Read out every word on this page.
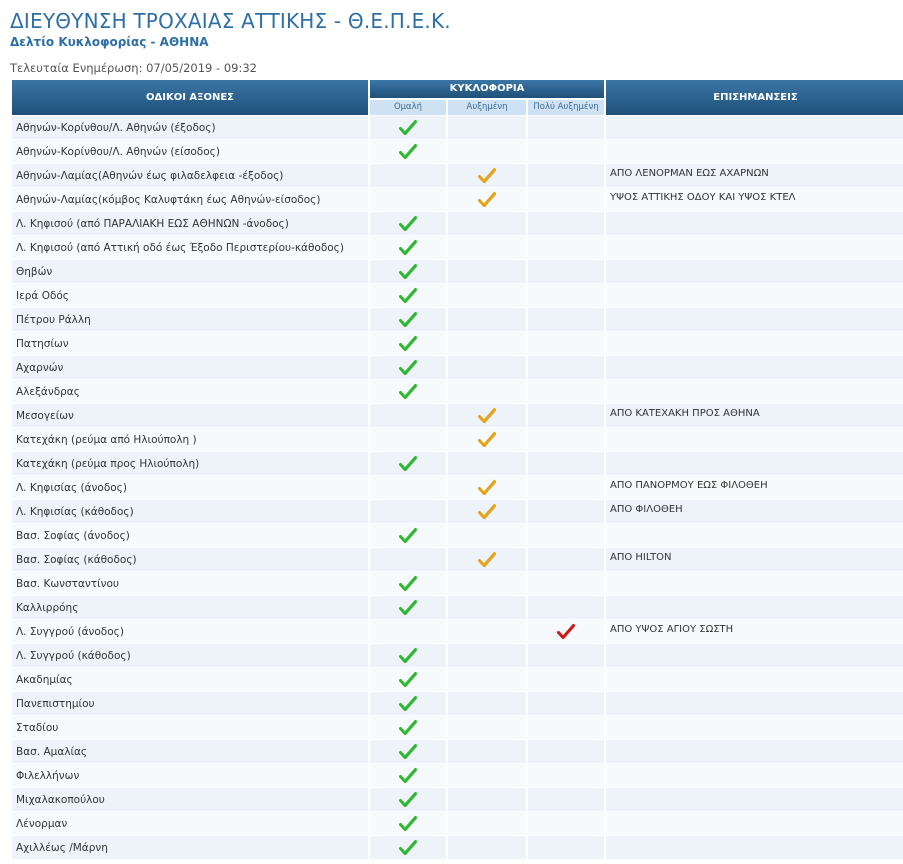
ΔΙΕΥΘΥΝΣΗ ΤΡΟΧΑΙΑΣ ΑΤΤΙΚΗΣ - Θ.Ε.Π.Ε.Κ.
Δελτίο Κυκλοφορίας - ΑΘΗΝΑ
Τελευταία Ενημέρωση: 07/05/2019 - 09:32
ΟΔΙΚΟΙ ΑΞΟΝΕΣ	ΚΥΚΛΟΦΟΡΙΑ			ΕΠΙΣΗΜΑΝΣΕΙΣ
	Ομαλή	Αυξημένη	Πολύ Αυξημένη	
Αθηνών-Κορίνθου/Λ. Αθηνών (έξοδος)				
Αθηνών-Κορίνθου/Λ. Αθηνών (είσοδος)				
Αθηνών-Λαμίας(Αθηνών έως φιλαδελφεια -έξοδος)				ΑΠΟ ΛΕΝΟΡΜΑΝ ΕΩΣ ΑΧΑΡΝΩΝ
Αθηνών-Λαμίας(κόμβος Καλυφτάκη έως Αθηνών-είσοδος)				ΥΨΟΣ ΑΤΤΙΚΗΣ ΟΔΟΥ ΚΑΙ ΥΨΟΣ ΚΤΕΛ
Λ. Κηφισού (από ΠΑΡΑΛΙΑΚΗ ΕΩΣ ΑΘΗΝΩΝ -άνοδος)				
Λ. Κηφισού (από Αττική οδό έως Έξοδο Περιστερίου-κάθοδος)				
Θηβών				
Ιερά Οδός				
Πέτρου Ράλλη				
Πατησίων				
Αχαρνών				
Αλεξάνδρας				
Μεσογείων				ΑΠΟ ΚΑΤΕΧΑΚΗ ΠΡΟΣ ΑΘΗΝΑ
Κατεχάκη (ρεύμα από Ηλιούπολη )				
Κατεχάκη (ρεύμα προς Ηλιούπολη)				
Λ. Κηφισίας (άνοδος)				ΑΠΟ ΠΑΝΟΡΜΟΥ ΕΩΣ ΦΙΛΟΘΕΗ
Λ. Κηφισίας (κάθοδος)				ΑΠΟ ΦΙΛΟΘΕΗ
Βασ. Σοφίας (άνοδος)				
Βασ. Σοφίας (κάθοδος)				ΑΠΟ HILTON
Βασ. Κωνσταντίνου				
Καλλιρρόης				
Λ. Συγγρού (άνοδος)				ΑΠΟ ΥΨΟΣ ΑΓΙΟΥ ΣΩΣΤΗ
Λ. Συγγρού (κάθοδος)				
Ακαδημίας				
Πανεπιστημίου				
Σταδίου				
Βασ. Αμαλίας				
Φιλελλήνων				
Μιχαλακοπούλου				
Λένορμαν				
Αχιλλέως /Μάρνη				
